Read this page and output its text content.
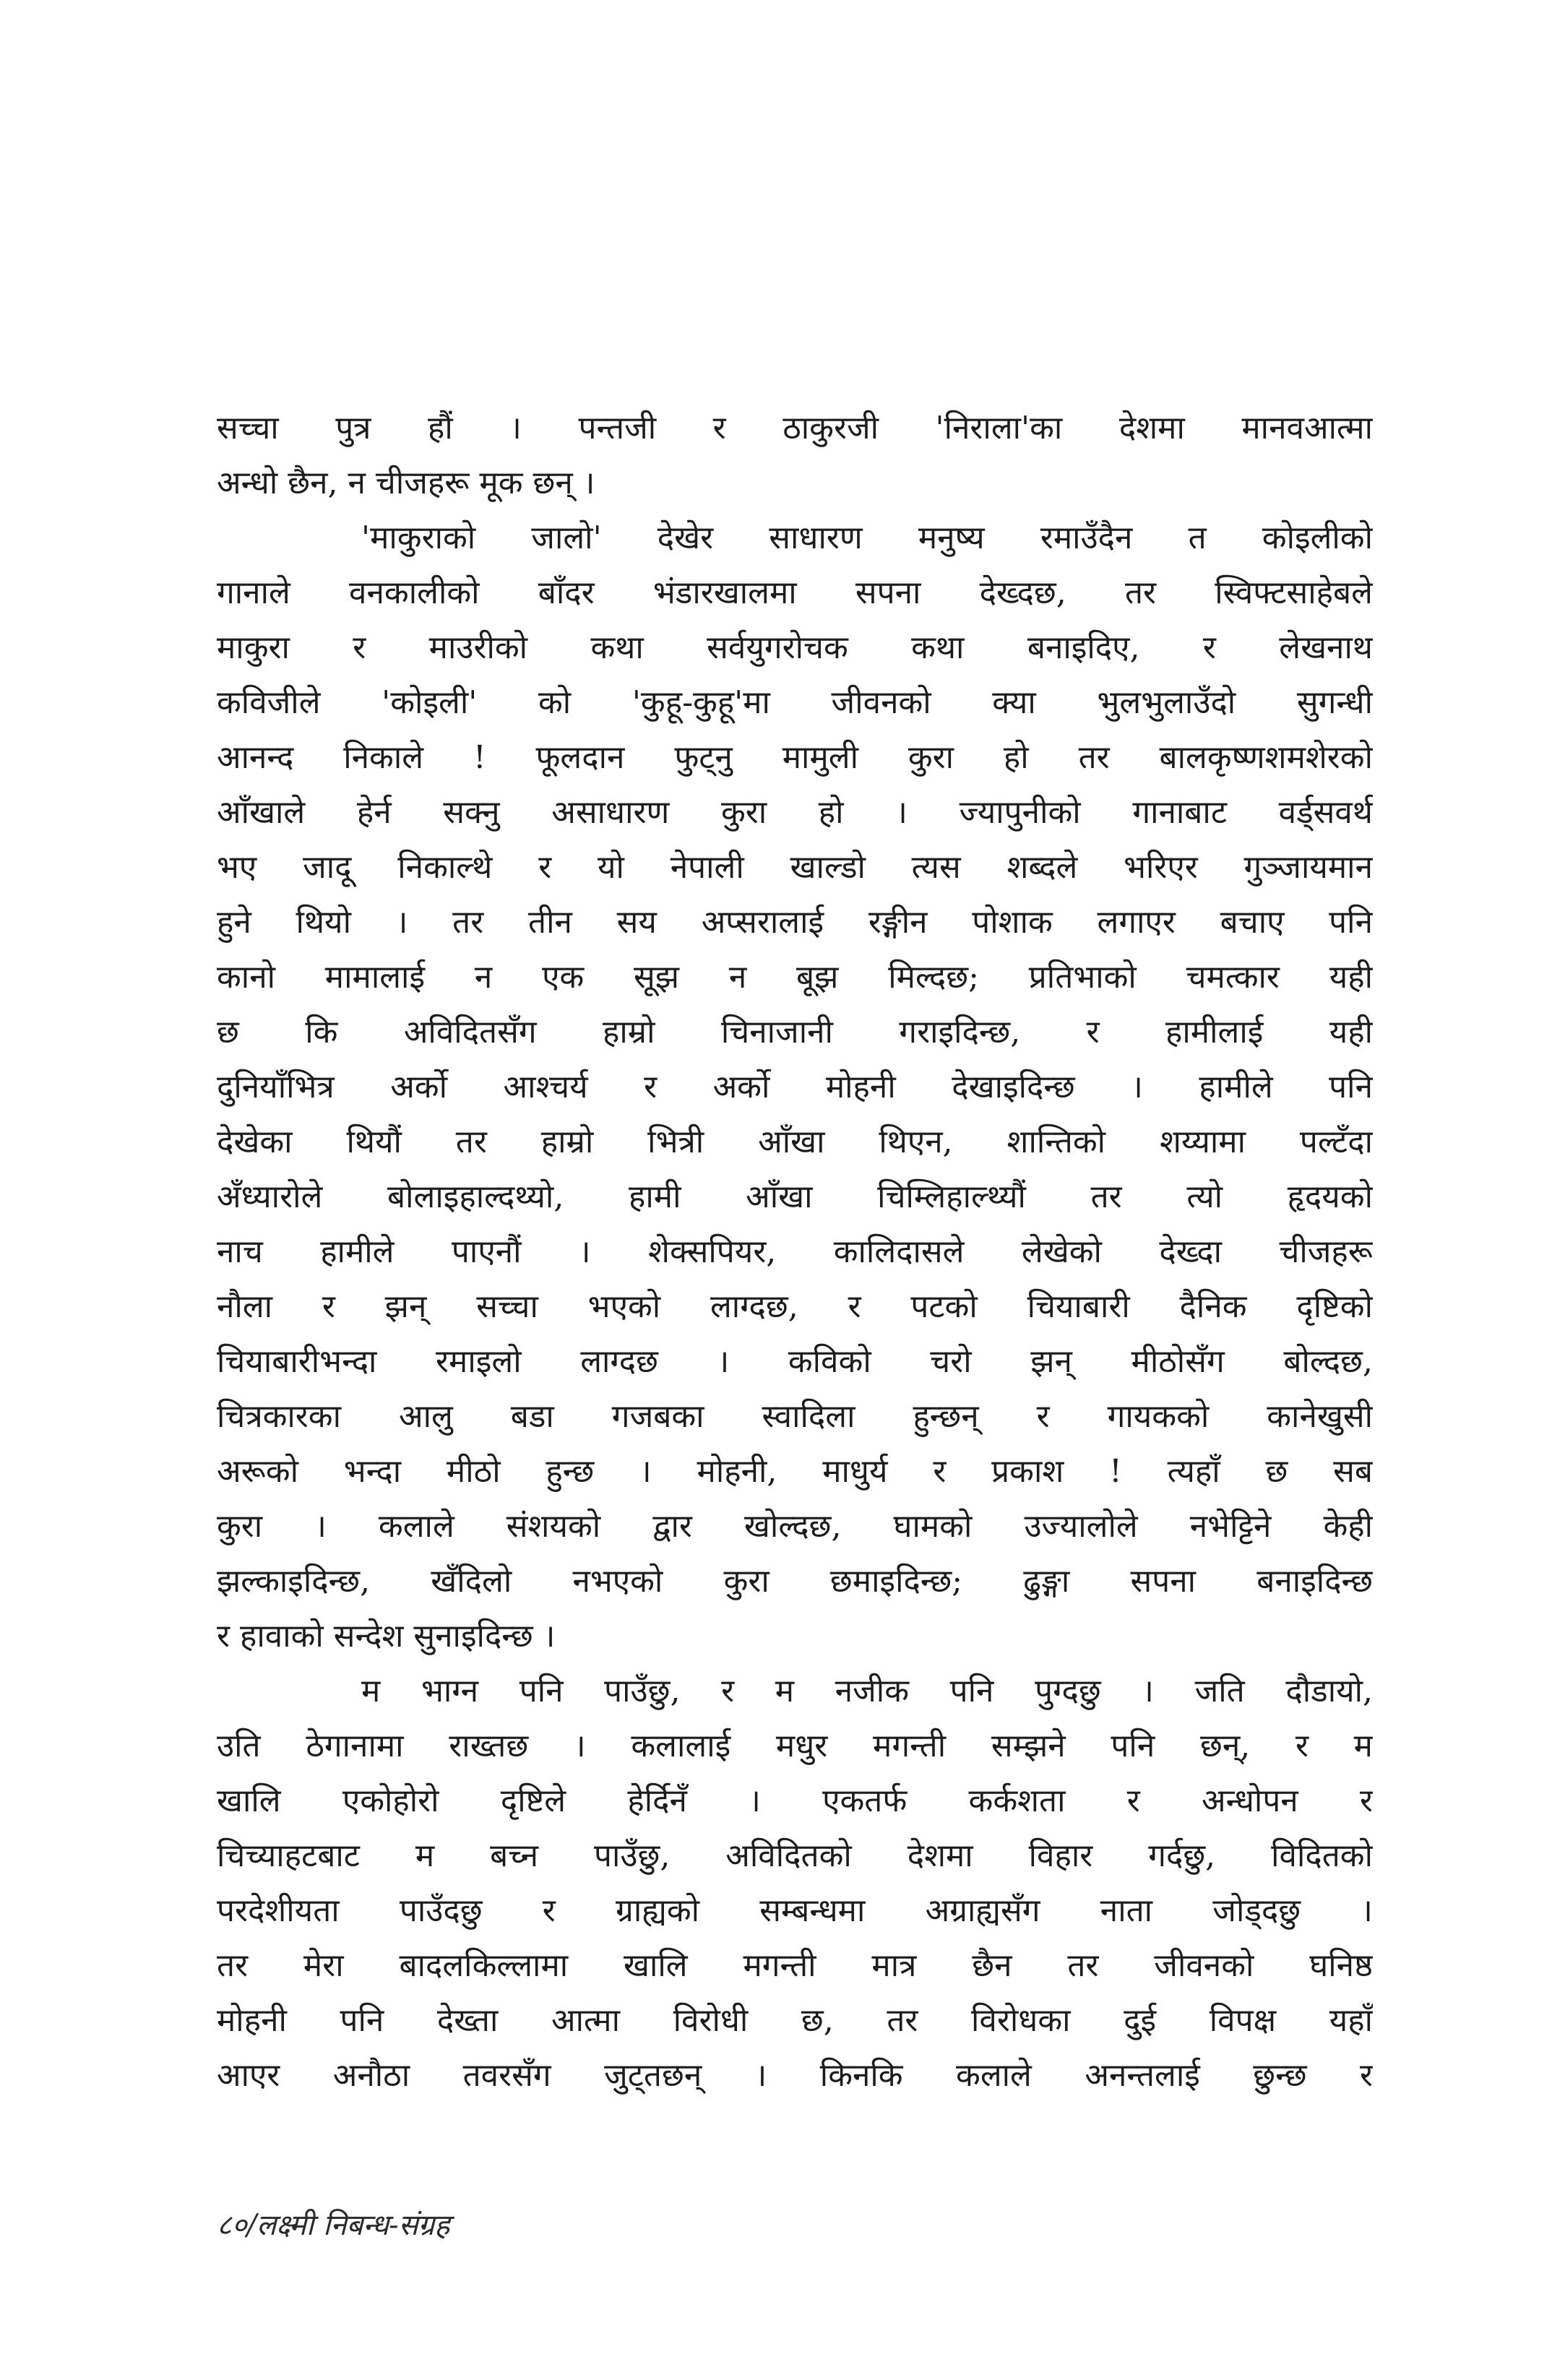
सच्चा पुत्र हौं । पन्तजी र ठाकुरजी 'निराला'का देशमा मानवआत्मा
अन्धो छैन, न चीजहरू मूक छन् ।
'माकुराको जालो' देखेर साधारण मनुष्य रमाउँदैन त कोइलीको
गानाले वनकालीको बाँदर भंडारखालमा सपना देख्दछ, तर स्विफ्टसाहेबले
माकुरा र माउरीको कथा सर्वयुगरोचक कथा बनाइदिए, र लेखनाथ
कविजीले 'कोइली' को 'कुहू-कुहू'मा जीवनको क्या भुलभुलाउँदो सुगन्धी
आनन्द निकाले ! फूलदान फुट्नु मामुली कुरा हो तर बालकृष्णशमशेरको
आँखाले हेर्न सक्नु असाधारण कुरा हो । ज्यापुनीको गानाबाट वर्ड्सवर्थ
भए जादू निकाल्थे र यो नेपाली खाल्डो त्यस शब्दले भरिएर गुञ्जायमान
हुने थियो । तर तीन सय अप्सरालाई रङ्गीन पोशाक लगाएर बचाए पनि
कानो मामालाई न एक सूझ न बूझ मिल्दछ; प्रतिभाको चमत्कार यही
छ कि अविदितसँग हाम्रो चिनाजानी गराइदिन्छ, र हामीलाई यही
दुनियाँभित्र अर्को आश्चर्य र अर्को मोहनी देखाइदिन्छ । हामीले पनि
देखेका थियौं तर हाम्रो भित्री आँखा थिएन, शान्तिको शय्यामा पल्टँदा
अँध्यारोले बोलाइहाल्दथ्यो, हामी आँखा चिम्लिहाल्थ्यौं तर त्यो हृदयको
नाच हामीले पाएनौं । शेक्सपियर, कालिदासले लेखेको देख्दा चीजहरू
नौला र झन् सच्चा भएको लाग्दछ, र पटको चियाबारी दैनिक दृष्टिको
चियाबारीभन्दा रमाइलो लाग्दछ । कविको चरो झन् मीठोसँग बोल्दछ,
चित्रकारका आलु बडा गजबका स्वादिला हुन्छन् र गायकको कानेखुसी
अरूको भन्दा मीठो हुन्छ । मोहनी, माधुर्य र प्रकाश ! त्यहाँ छ सब
कुरा । कलाले संशयको द्वार खोल्दछ, घामको उज्यालोले नभेट्टिने केही
झल्काइदिन्छ, खँदिलो नभएको कुरा छमाइदिन्छ; ढुङ्गा सपना बनाइदिन्छ
र हावाको सन्देश सुनाइदिन्छ ।
म भाग्न पनि पाउँछु, र म नजीक पनि पुग्दछु । जति दौडायो,
उति ठेगानामा राख्तछ । कलालाई मधुर मगन्ती सम्झने पनि छन्, र म
खालि एकोहोरो दृष्टिले हेर्दिनँ । एकतर्फ कर्कशता र अन्धोपन र
चिच्याहटबाट म बच्न पाउँछु, अविदितको देशमा विहार गर्दछु, विदितको
परदेशीयता पाउँदछु र ग्राह्यको सम्बन्धमा अग्राह्यसँग नाता जोड्दछु ।
तर मेरा बादलकिल्लामा खालि मगन्ती मात्र छैन तर जीवनको घनिष्ठ
मोहनी पनि देख्ता आत्मा विरोधी छ, तर विरोधका दुई विपक्ष यहाँ
आएर अनौठा तवरसँग जुट्तछन् । किनकि कलाले अनन्तलाई छुन्छ र
८०/लक्ष्मी निबन्ध-संग्रह
